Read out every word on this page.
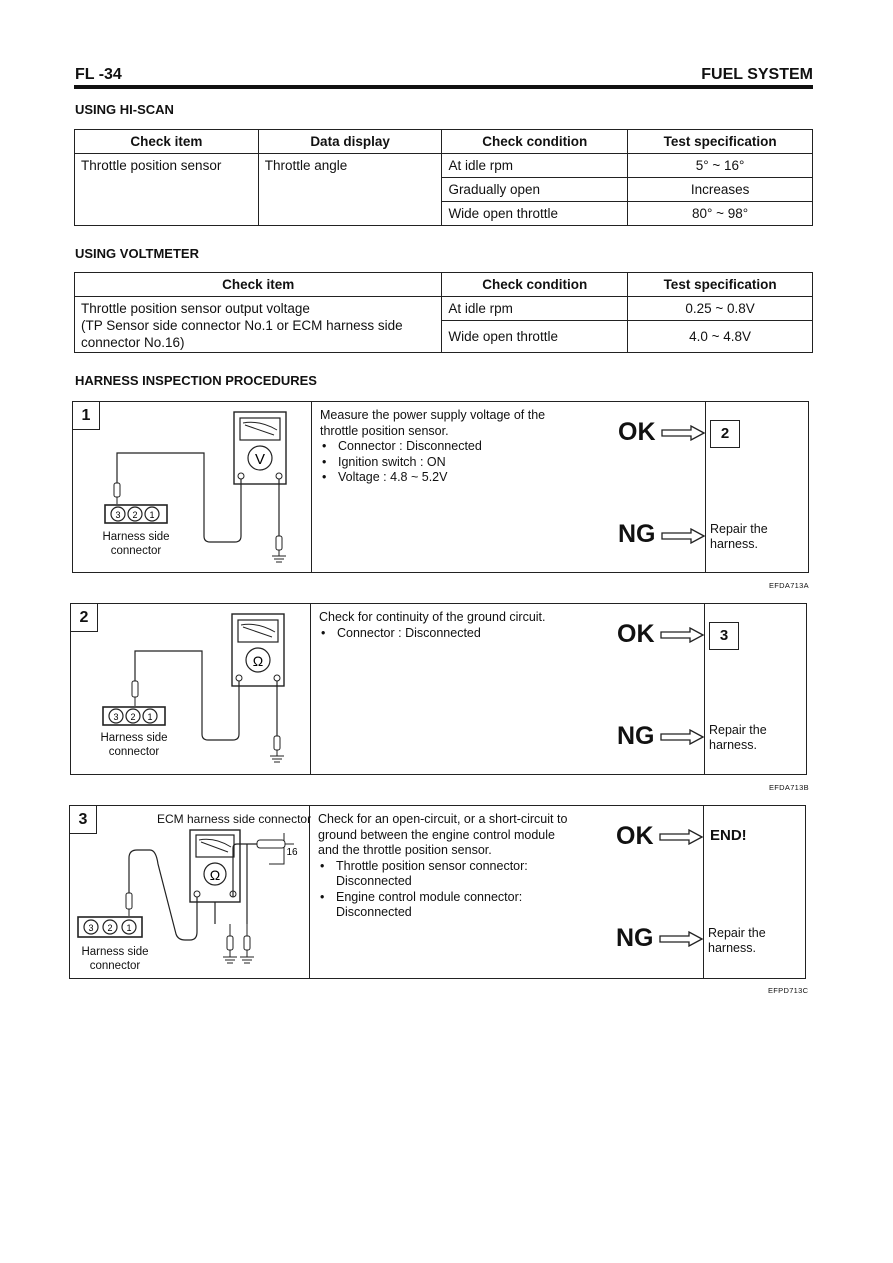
FL -34	FUEL SYSTEM
USING HI-SCAN
Check item	Data display	Check condition	Test specification
Throttle position sensor	Throttle angle	At idle rpm	5° ~ 16°
		Gradually open	Increases
		Wide open throttle	80° ~ 98°
USING VOLTMETER
Check item	Check condition	Test specification

Throttle position sensor output voltage
(TP Sensor side connector No.1 or ECM harness side connector No.16)	At idle rpm	0.25 ~ 0.8V
	Wide open throttle	4.0 ~ 4.8V
HARNESS INSPECTION PROCEDURES
1
3 2 1
V
Harness side connector
Measure the power supply voltage of the throttle position sensor.
• Connector : Disconnected
• Ignition switch : ON
• Voltage : 4.8 ~ 5.2V
OK	2
NG	Repair the harness.
EFDA713A
2
3 2 1
Ω
Harness side connector
Check for continuity of the ground circuit.
• Connector : Disconnected	OK	3
NG	Repair the harness.
EFDA713B
3	ECM harness side connector
3 2 1
Ω
16
Harness side connector
Check for an open-circuit, or a short-circuit to ground between the engine control module and the throttle position sensor.
• Throttle position sensor connector: Disconnected
• Engine control module connector: Disconnected
OK	END!
NG	Repair the harness.
EFPD713C
